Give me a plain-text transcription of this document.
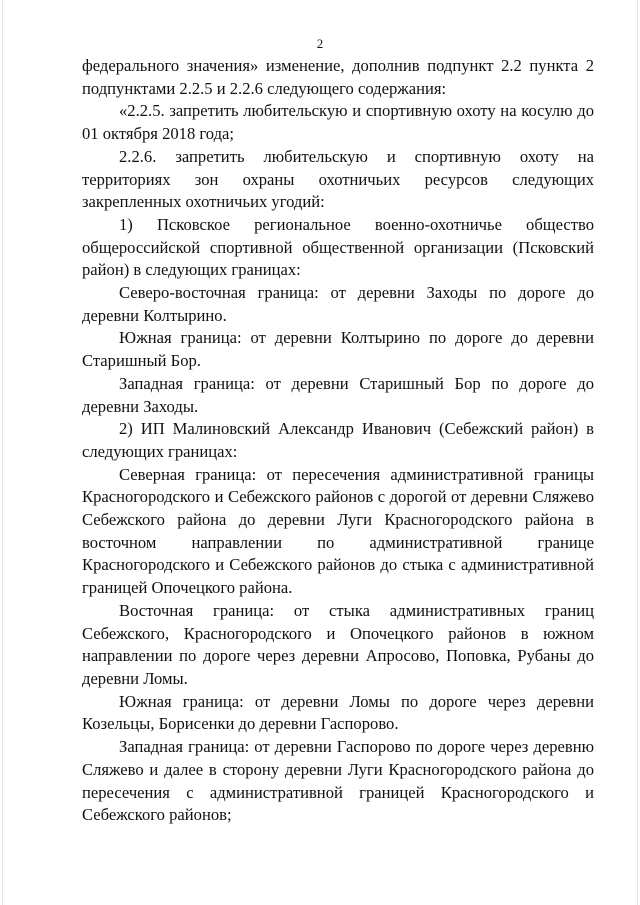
2

федерального значения» изменение, дополнив подпункт 2.2 пункта 2 подпунктами 2.2.5 и 2.2.6 следующего содержания:

«2.2.5. запретить любительскую и спортивную охоту на косулю до 01 октября 2018 года;

2.2.6. запретить любительскую и спортивную охоту на территориях зон охраны охотничьих ресурсов следующих закрепленных охотничьих угодий:

1) Псковское региональное военно-охотничье общество общероссийской спортивной общественной организации (Псковский район) в следующих границах:

Северо-восточная граница: от деревни Заходы по дороге до деревни Колтырино.

Южная граница: от деревни Колтырино по дороге до деревни Старишный Бор.

Западная граница: от деревни Старишный Бор по дороге до деревни Заходы.

2) ИП Малиновский Александр Иванович (Себежский район) в следующих границах:

Северная граница: от пересечения административной границы Красногородского и Себежского районов с дорогой от деревни Сляжево Себежского района до деревни Луги Красногородского района в восточном направлении по административной границе Красногородского и Себежского районов до стыка с административной границей Опочецкого района.

Восточная граница: от стыка административных границ Себежского, Красногородского и Опочецкого районов в южном направлении по дороге через деревни Апросово, Поповка, Рубаны до деревни Ломы.

Южная граница: от деревни Ломы по дороге через деревни Козельцы, Борисенки до деревни Гаспорово.

Западная граница: от деревни Гаспорово по дороге через деревню Сляжево и далее в сторону деревни Луги Красногородского района до пересечения с административной границей Красногородского и Себежского районов;
